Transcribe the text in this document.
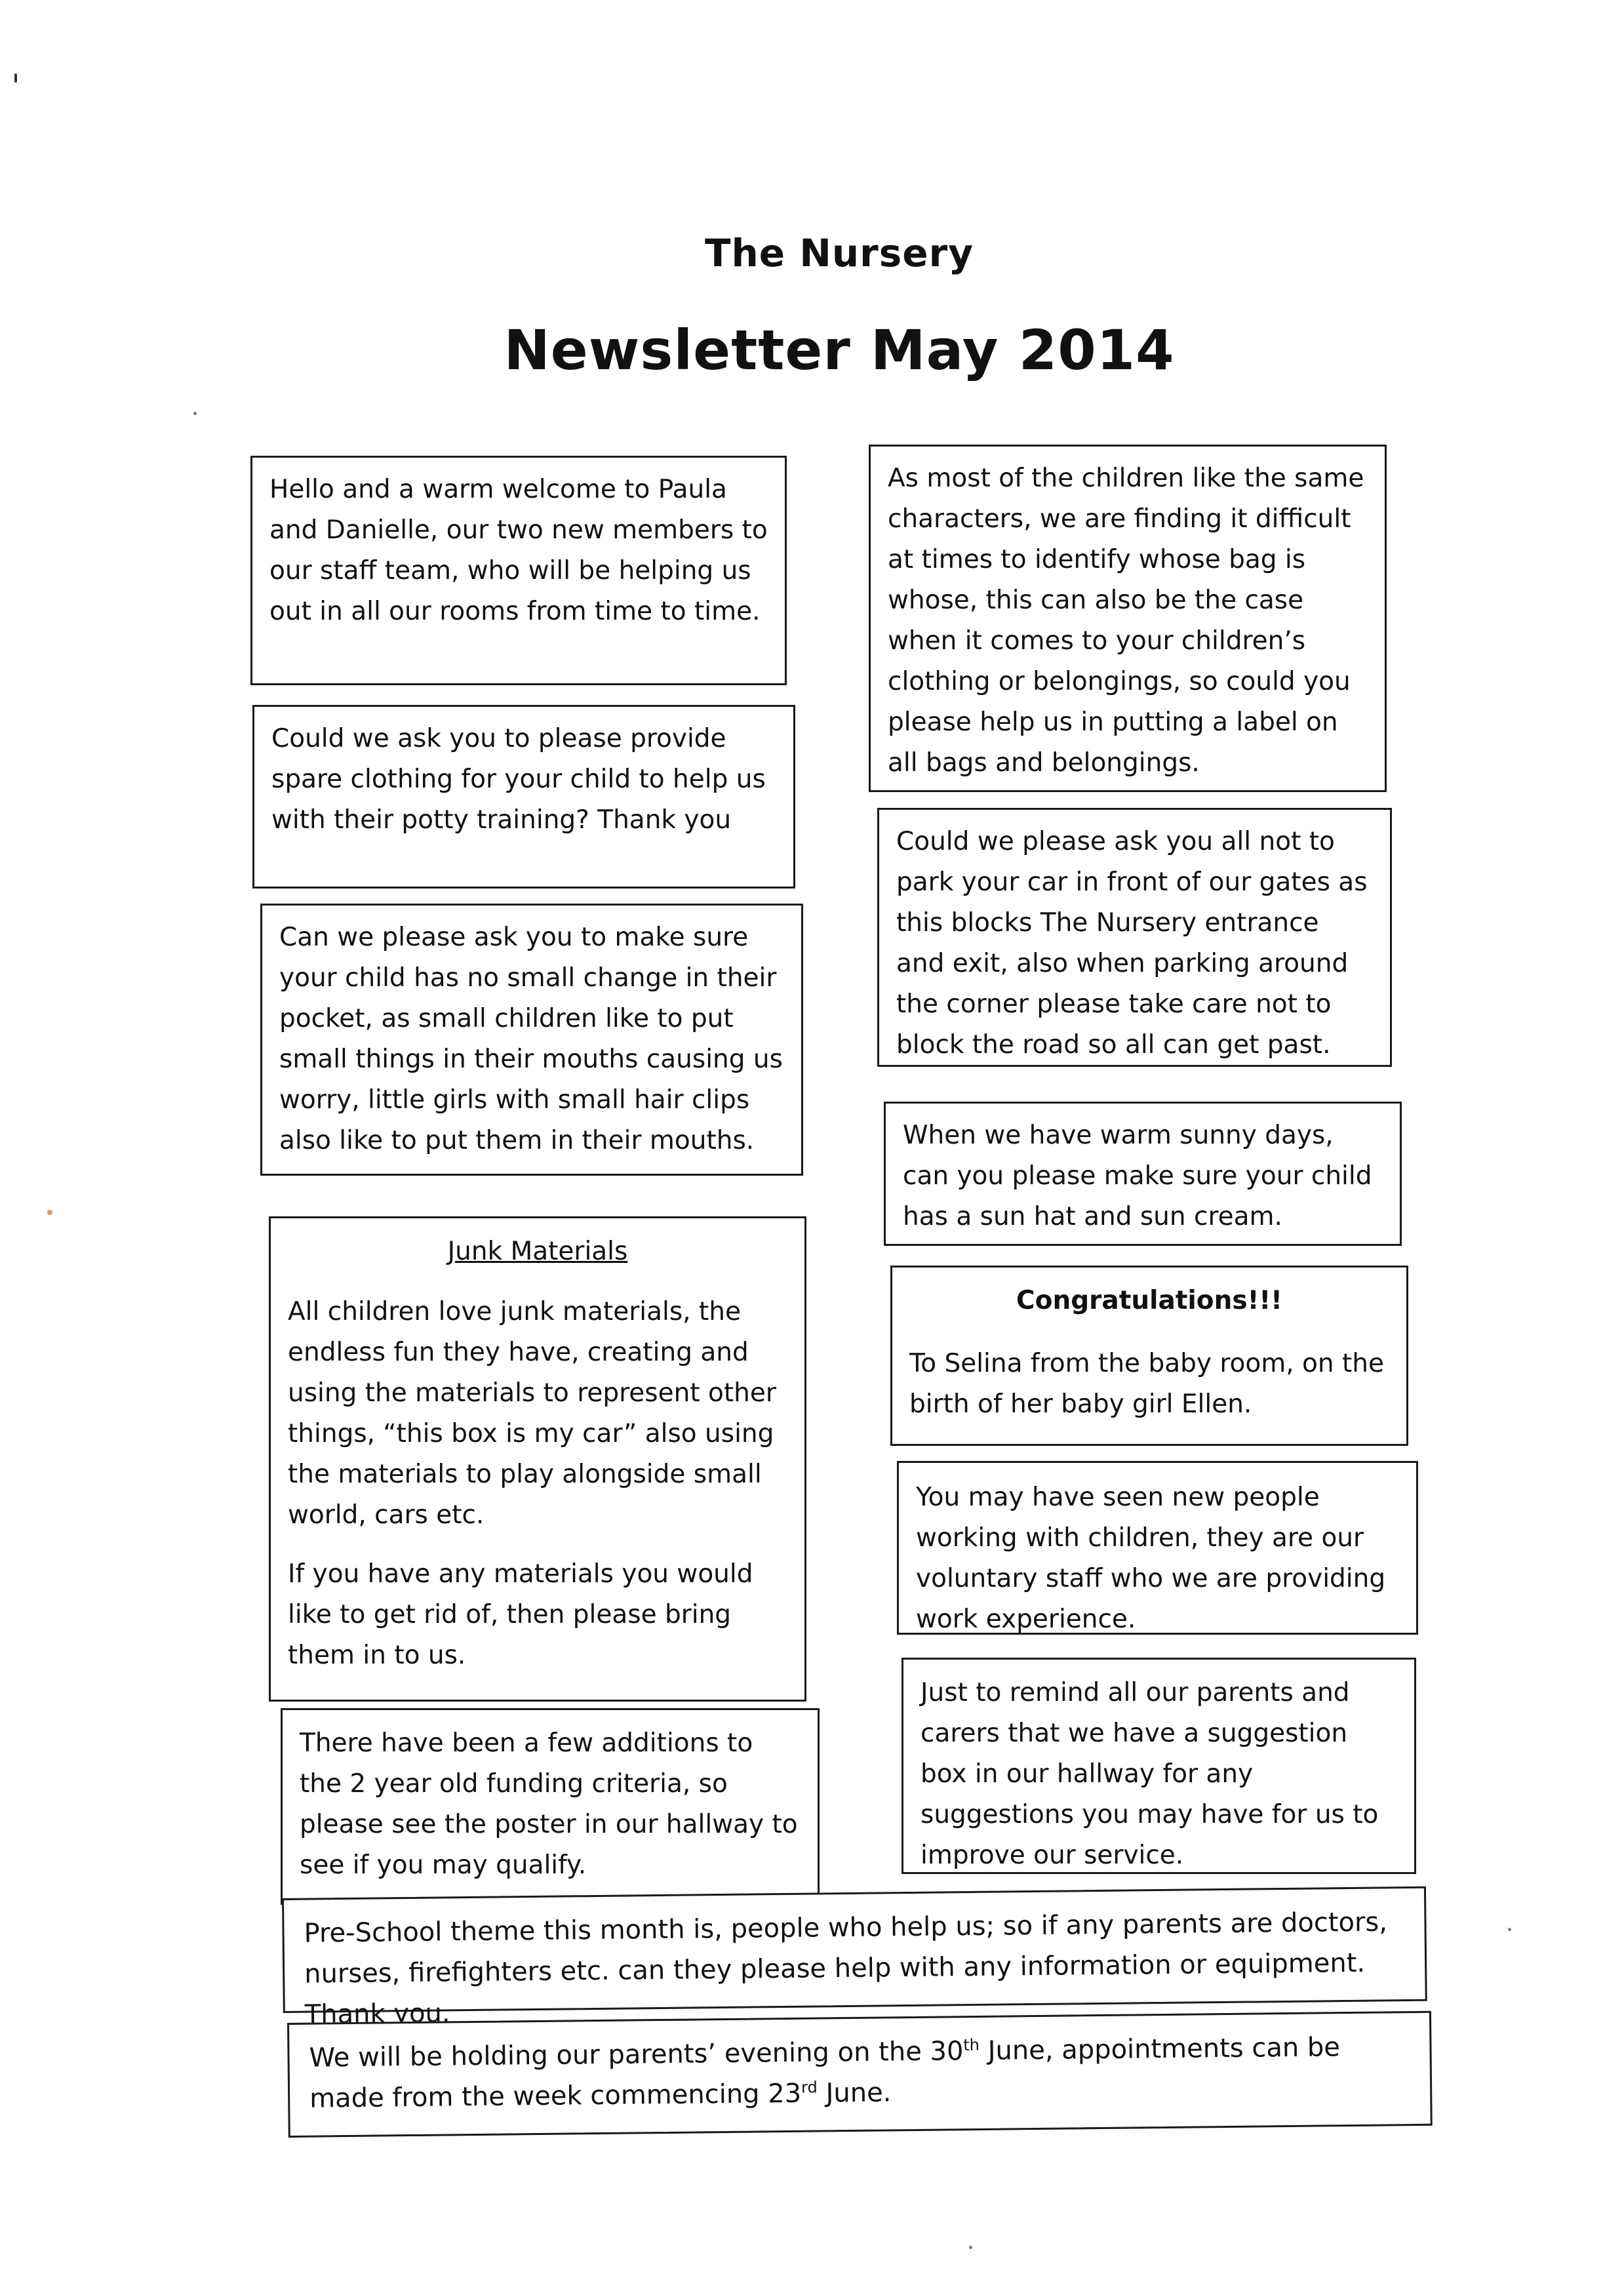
The Nursery
Newsletter May 2014

Hello and a warm welcome to Paula and Danielle, our two new members to our staff team, who will be helping us out in all our rooms from time to time.

Could we ask you to please provide spare clothing for your child to help us with their potty training? Thank you

Can we please ask you to make sure your child has no small change in their pocket, as small children like to put small things in their mouths causing us worry, little girls with small hair clips also like to put them in their mouths.

Junk Materials

All children love junk materials, the endless fun they have, creating and using the materials to represent other things, “this box is my car” also using the materials to play alongside small world, cars etc.

If you have any materials you would like to get rid of, then please bring them in to us.

There have been a few additions to the 2 year old funding criteria, so please see the poster in our hallway to see if you may qualify.

As most of the children like the same characters, we are finding it difficult at times to identify whose bag is whose, this can also be the case when it comes to your children’s clothing or belongings, so could you please help us in putting a label on all bags and belongings.

Could we please ask you all not to park your car in front of our gates as this blocks The Nursery entrance and exit, also when parking around the corner please take care not to block the road so all can get past.

When we have warm sunny days, can you please make sure your child has a sun hat and sun cream.

Congratulations!!!

To Selina from the baby room, on the birth of her baby girl Ellen.

You may have seen new people working with children, they are our voluntary staff who we are providing work experience.

Just to remind all our parents and carers that we have a suggestion box in our hallway for any suggestions you may have for us to improve our service.

Pre-School theme this month is, people who help us; so if any parents are doctors, nurses, firefighters etc. can they please help with any information or equipment. Thank you.

We will be holding our parents’ evening on the 30th June, appointments can be made from the week commencing 23rd June.
